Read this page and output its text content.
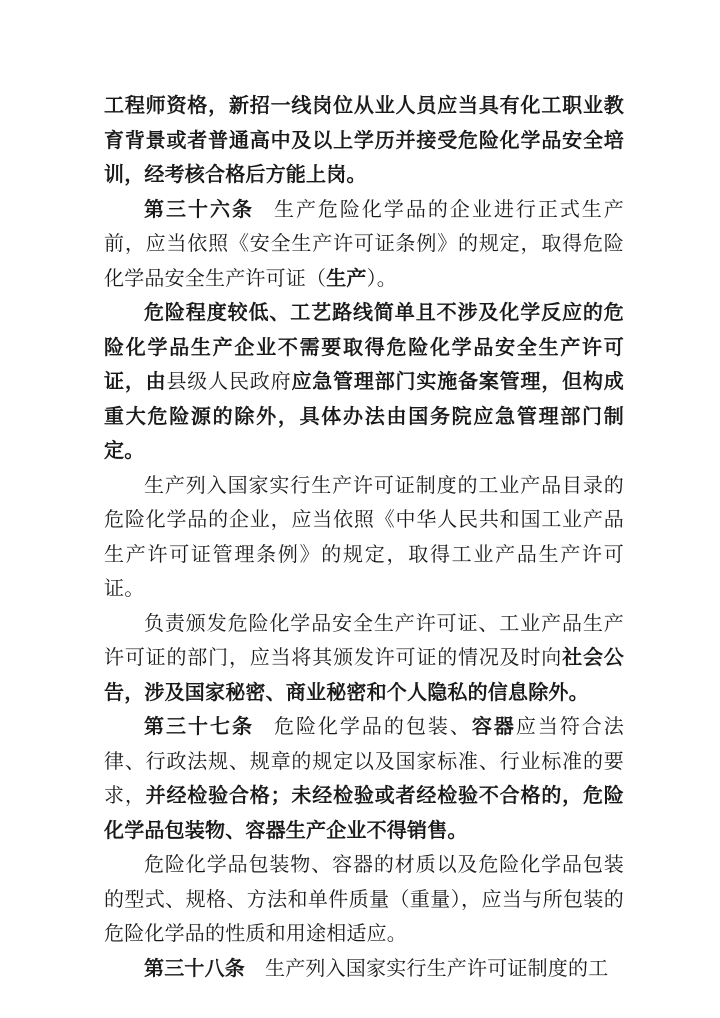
工程师资格，新招一线岗位从业人员应当具有化工职业教育背景或者普通高中及以上学历并接受危险化学品安全培训，经考核合格后方能上岗。

第三十六条 生产危险化学品的企业进行正式生产前，应当依照《安全生产许可证条例》的规定，取得危险化学品安全生产许可证（生产）。

危险程度较低、工艺路线简单且不涉及化学反应的危险化学品生产企业不需要取得危险化学品安全生产许可证，由县级人民政府应急管理部门实施备案管理，但构成重大危险源的除外，具体办法由国务院应急管理部门制定。

生产列入国家实行生产许可证制度的工业产品目录的危险化学品的企业，应当依照《中华人民共和国工业产品生产许可证管理条例》的规定，取得工业产品生产许可证。

负责颁发危险化学品安全生产许可证、工业产品生产许可证的部门，应当将其颁发许可证的情况及时向社会公告，涉及国家秘密、商业秘密和个人隐私的信息除外。

第三十七条 危险化学品的包装、容器应当符合法律、行政法规、规章的规定以及国家标准、行业标准的要求，并经检验合格；未经检验或者经检验不合格的，危险化学品包装物、容器生产企业不得销售。

危险化学品包装物、容器的材质以及危险化学品包装的型式、规格、方法和单件质量（重量），应当与所包装的危险化学品的性质和用途相适应。

第三十八条 生产列入国家实行生产许可证制度的工
